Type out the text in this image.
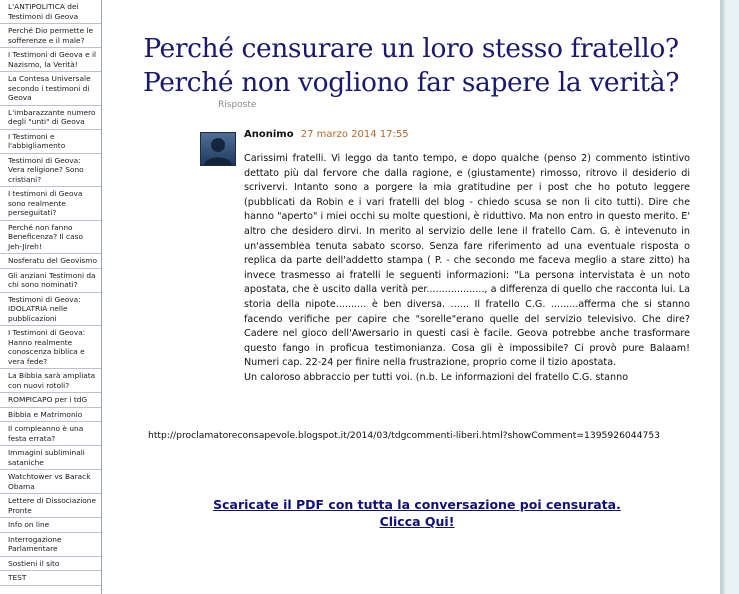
L'ANTIPOLITICA dei Testimoni di Geova
Perché Dio permette le sofferenze e il male?
I Testimoni di Geova e il Nazismo, la Verità!
La Contesa Universale secondo i testimoni di Geova
L'imbarazzante numero degli "unti" di Geova
I Testimoni e l'abbigliamento
Testimoni di Geova: Vera religione? Sono cristiani?
I testimoni di Geova sono realmente perseguitati?
Perché non fanno Beneficenza? Il caso Jeh-Jireh!
Nosferatu del Geovismo
Gli anziani Testimoni da chi sono nominati?
Testimoni di Geova: IDOLATRIA nelle pubblicazioni
I Testimoni di Geova: Hanno realmente conoscenza biblica e vera fede?
La Bibbia sarà ampliata con nuovi rotoli?
ROMPICAPO per i tdG
Bibbia e Matrimonio
Il compleanno è una festa errata?
Immagini subliminali sataniche
Watchtower vs Barack Obama
Lettere di Dissociazione Pronte
Info on line
Interrogazione Parlamentare
Sostieni il sito
TEST
Perché censurare un loro stesso fratello?
Perché non vogliono far sapere la verità?
Risposte
Anonimo 27 marzo 2014 17:55

Carissimi fratelli. Vi leggo da tanto tempo, e dopo qualche (penso 2) commento istintivo dettato più dal fervore che dalla ragione, e (giustamente) rimosso, ritrovo il desiderio di scrivervi. Intanto sono a porgere la mia gratitudine per i post che ho potuto leggere (pubblicati da Robin e i vari fratelli del blog - chiedo scusa se non li cito tutti). Dire che hanno "aperto" i miei occhi su molte questioni, è riduttivo. Ma non entro in questo merito. E' altro che desidero dirvi. In merito al servizio delle lene il fratello Cam. G. è intevenuto in un'assemblea tenuta sabato scorso. Senza fare riferimento ad una eventuale risposta o replica da parte dell'addetto stampa ( P. - che secondo me faceva meglio a stare zitto) ha invece trasmesso ai fratelli le seguenti informazioni: "La persona intervistata è un noto apostata, che è uscito dalla verità per..................., a differenza di quello che racconta lui. La storia della nipote.......... è ben diversa. ...... Il fratello C.G. .........afferma che si stanno facendo verifiche per capire che "sorelle"erano quelle del servizio televisivo. Che dire? Cadere nel gioco dell'Awersario in questi casi è facile. Geova potrebbe anche trasformare questo fango in proficua testimonianza. Cosa gli è impossibile? Ci provò pure Balaam! Numeri cap. 22-24 per finire nella frustrazione, proprio come il tizio apostata.

Un caloroso abbraccio per tutti voi. (n.b. Le informazioni del fratello C.G. stanno

http://proclamatoreconsapevole.blogspot.it/2014/03/tdgcommenti-liberi.html?showComment=1395926044753
Scaricate il PDF con tutta la conversazione poi censurata. Clicca Qui!
